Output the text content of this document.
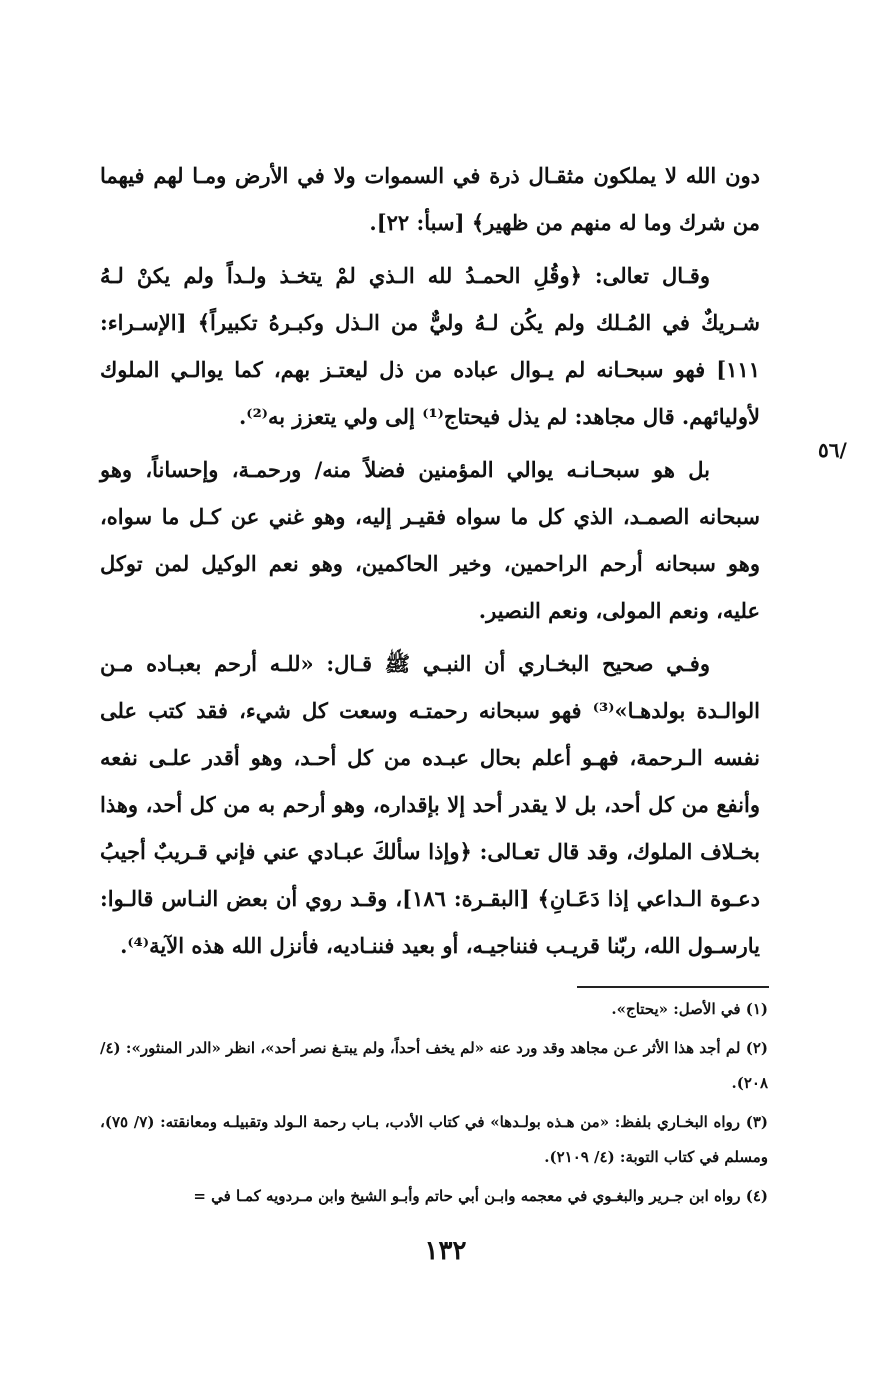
دون الله لا يملكون مثقـال ذرة في السموات ولا في الأرض ومـا لهم فيهما من شرك وما له منهم من ظهير﴾ [سبأ: ٢٢].

وقـال تعالى: ﴿وقُلِ الحمـدُ لله الـذي لمْ يتخـذ ولـداً ولم يكنْ لـهُ شـريكٌ في المُـلك ولم يكُن لـهُ وليٌّ من الـذل وكبـرهُ تكبيراً﴾ [الإسـراء: ١١١] فهو سبحـانه لم يـوال عباده من ذل ليعتـز بهم، كما يوالـي الملوك لأوليائهم. قال مجاهد: لم يذل فيحتاج⁽¹⁾ إلى ولي يتعزز به⁽²⁾.

بل هو سبحـانـه يوالي المؤمنين فضلاً منه/ ورحمـة، وإحساناً، وهو سبحانه الصمـد، الذي كل ما سواه فقيـر إليه، وهو غني عن كـل ما سواه، وهو سبحانه أرحم الراحمين، وخير الحاكمين، وهو نعم الوكيل لمن توكل عليه، ونعم المولى، ونعم النصير.

وفـي صحيح البخـاري أن النبـي ﷺ قـال: «للـه أرحم بعبـاده مـن الوالـدة بولدهـا»⁽³⁾ فهو سبحانه رحمتـه وسعت كل شيء، فقد كتب على نفسه الـرحمة، فهـو أعلم بحال عبـده من كل أحـد، وهو أقدر علـى نفعه وأنفع من كل أحد، بل لا يقدر أحد إلا بإقداره، وهو أرحم به من كل أحد، وهذا بخـلاف الملوك، وقد قال تعـالى: ﴿وإذا سألكَ عبـادي عني فإني قـريبٌ أجيبُ دعـوة الـداعي إذا دَعَـانِ﴾ [البقـرة: ١٨٦]، وقـد روي أن بعض النـاس قالـوا: يارسـول الله، ربّنا قريـب فنناجيـه، أو بعيد فننـاديه، فأنزل الله هذه الآية⁽⁴⁾.

/٥٦

(١) في الأصل: «يحتاج».

(٢) لم أجد هذا الأثر عـن مجاهد وقد ورد عنه «لم يخف أحداً، ولم يبتـغ نصر أحد»، انظر «الدر المنثور»: (٤/ ٢٠٨).

(٣) رواه البخـاري بلفظ: «من هـذه بولـدها» في كتاب الأدب، بـاب رحمة الـولد وتقبيلـه ومعانقته: (٧/ ٧٥)، ومسلم في كتاب التوبة: (٤/ ٢١٠٩).

(٤) رواه ابن جـرير والبغـوي في معجمه وابـن أبي حاتم وأبـو الشيخ وابن مـردويه كمـا في =

١٣٢
